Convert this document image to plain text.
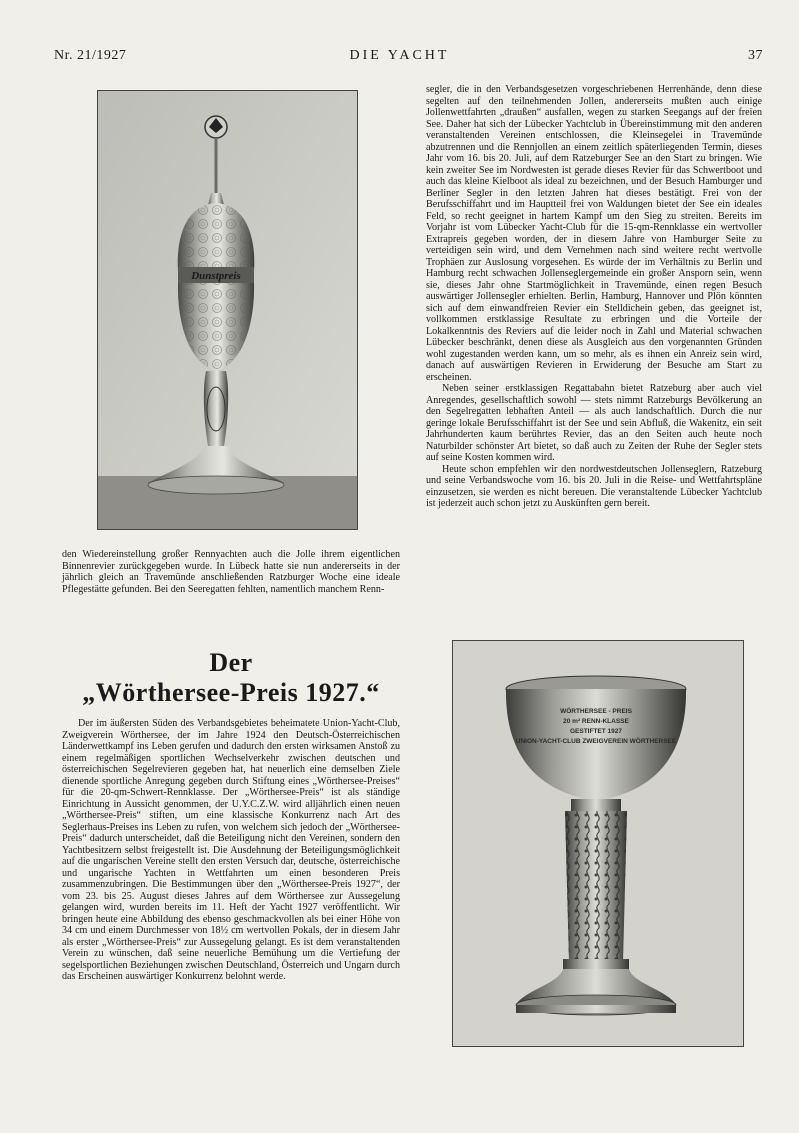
Nr. 21/1927	DIE YACHT	37
Dunstpreis

segler, die in den Verbandsgesetzen vorgeschriebenen Herrenhände, denn diese segelten auf den teilnehmenden Jollen, andererseits mußten auch einige Jollenwettfahrten „draußen“ ausfallen, wegen zu starken Seegangs auf der freien See. Daher hat sich der Lübecker Yachtclub in Übereinstimmung mit den anderen veranstaltenden Vereinen entschlossen, die Kleinsegelei in Travemünde abzutrennen und die Rennjollen an einem zeitlich späterliegenden Termin, dieses Jahr vom 16. bis 20. Juli, auf dem Ratzeburger See an den Start zu bringen. Wie kein zweiter See im Nordwesten ist gerade dieses Revier für das Schwertboot und auch das kleine Kielboot als ideal zu bezeichnen, und der Besuch Hamburger und Berliner Segler in den letzten Jahren hat dieses bestätigt. Frei von der Berufsschiffahrt und im Hauptteil frei von Waldungen bietet der See ein ideales Feld, so recht geeignet in hartem Kampf um den Sieg zu streiten. Bereits im Vorjahr ist vom Lübecker Yacht-Club für die 15-qm-Rennklasse ein wertvoller Extrapreis gegeben worden, der in diesem Jahre von Hamburger Seite zu verteidigen sein wird, und dem Vernehmen nach sind weitere recht wertvolle Trophäen zur Auslosung vorgesehen. Es würde der im Verhältnis zu Berlin und Hamburg recht schwachen Jollenseglergemeinde ein großer Ansporn sein, wenn sie, dieses Jahr ohne Startmöglichkeit in Travemünde, einen regen Besuch auswärtiger Jollensegler erhielten. Berlin, Hamburg, Hannover und Plön könnten sich auf dem einwandfreien Revier ein Stelldichein geben, das geeignet ist, vollkommen erstklassige Resultate zu erbringen und die Vorteile der Lokalkenntnis des Reviers auf die leider noch in Zahl und Material schwachen Lübecker beschränkt, denen diese als Ausgleich aus den vorgenannten Gründen wohl zugestanden werden kann, um so mehr, als es ihnen ein Anreiz sein wird, danach auf auswärtigen Revieren in Erwiderung der Besuche am Start zu erscheinen.

Neben seiner erstklassigen Regattabahn bietet Ratzeburg aber auch viel Anregendes, gesellschaftlich sowohl — stets nimmt Ratzeburgs Bevölkerung an den Segelregatten lebhaften Anteil — als auch landschaftlich. Durch die nur geringe lokale Berufsschiffahrt ist der See und sein Abfluß, die Wakenitz, ein seit Jahrhunderten kaum berührtes Revier, das an den Seiten auch heute noch Naturbilder schönster Art bietet, so daß auch zu Zeiten der Ruhe der Segler stets auf seine Kosten kommen wird.

Heute schon empfehlen wir den nordwestdeutschen Jollenseglern, Ratzeburg und seine Verbandswoche vom 16. bis 20. Juli in die Reise- und Wettfahrtspläne einzusetzen, sie werden es nicht bereuen. Die veranstaltende Lübecker Yachtclub ist jederzeit auch schon jetzt zu Auskünften gern bereit.

den Wiedereinstellung großer Rennyachten auch die Jolle ihrem eigentlichen Binnenrevier zurückgegeben wurde. In Lübeck hatte sie nun andererseits in der jährlich gleich an Travemünde anschließenden Ratzburger Woche eine ideale Pflegestätte gefunden. Bei den Seeregatten fehlten, namentlich manchem Renn-

Der
„Wörthersee-Preis 1927.“

Der im äußersten Süden des Verbandsgebietes beheimatete Union-Yacht-Club, Zweigverein Wörthersee, der im Jahre 1924 den Deutsch-Österreichischen Länderwettkampf ins Leben gerufen und dadurch den ersten wirksamen Anstoß zu einem regelmäßigen sportlichen Wechselverkehr zwischen deutschen und österreichischen Segelrevieren gegeben hat, hat neuerlich eine demselben Ziele dienende sportliche Anregung gegeben durch Stiftung eines „Wörthersee-Preises“ für die 20-qm-Schwert-Rennklasse. Der „Wörthersee-Preis“ ist als ständige Einrichtung in Aussicht genommen, der U.Y.C.Z.W. wird alljährlich einen neuen „Wörthersee-Preis“ stiften, um eine klassische Konkurrenz nach Art des Seglerhaus-Preises ins Leben zu rufen, von welchem sich jedoch der „Wörthersee-Preis“ dadurch unterscheidet, daß die Beteiligung nicht den Vereinen, sondern den Yachtbesitzern selbst freigestellt ist. Die Ausdehnung der Beteiligungsmöglichkeit auf die ungarischen Vereine stellt den ersten Versuch dar, deutsche, österreichische und ungarische Yachten in Wettfahrten um einen besonderen Preis zusammenzubringen. Die Bestimmungen über den „Wörthersee-Preis 1927“, der vom 23. bis 25. August dieses Jahres auf dem Wörthersee zur Aussegelung gelangen wird, wurden bereits im 11. Heft der Yacht 1927 veröffentlicht. Wir bringen heute eine Abbildung des ebenso geschmackvollen als bei einer Höhe von 34 cm und einem Durchmesser von 18½ cm wertvollen Pokals, der in diesem Jahr als erster „Wörthersee-Preis“ zur Aussegelung gelangt. Es ist dem veranstaltenden Verein zu wünschen, daß seine neuerliche Bemühung um die Vertiefung der segelsportlichen Beziehungen zwischen Deutschland, Österreich und Ungarn durch das Erscheinen auswärtiger Konkurrenz belohnt werde.

WÖRTHERSEE - PREIS
20 m² RENN-KLASSE
GESTIFTET 1927
UNION-YACHT-CLUB ZWEIGVEREIN WÖRTHERSEE
